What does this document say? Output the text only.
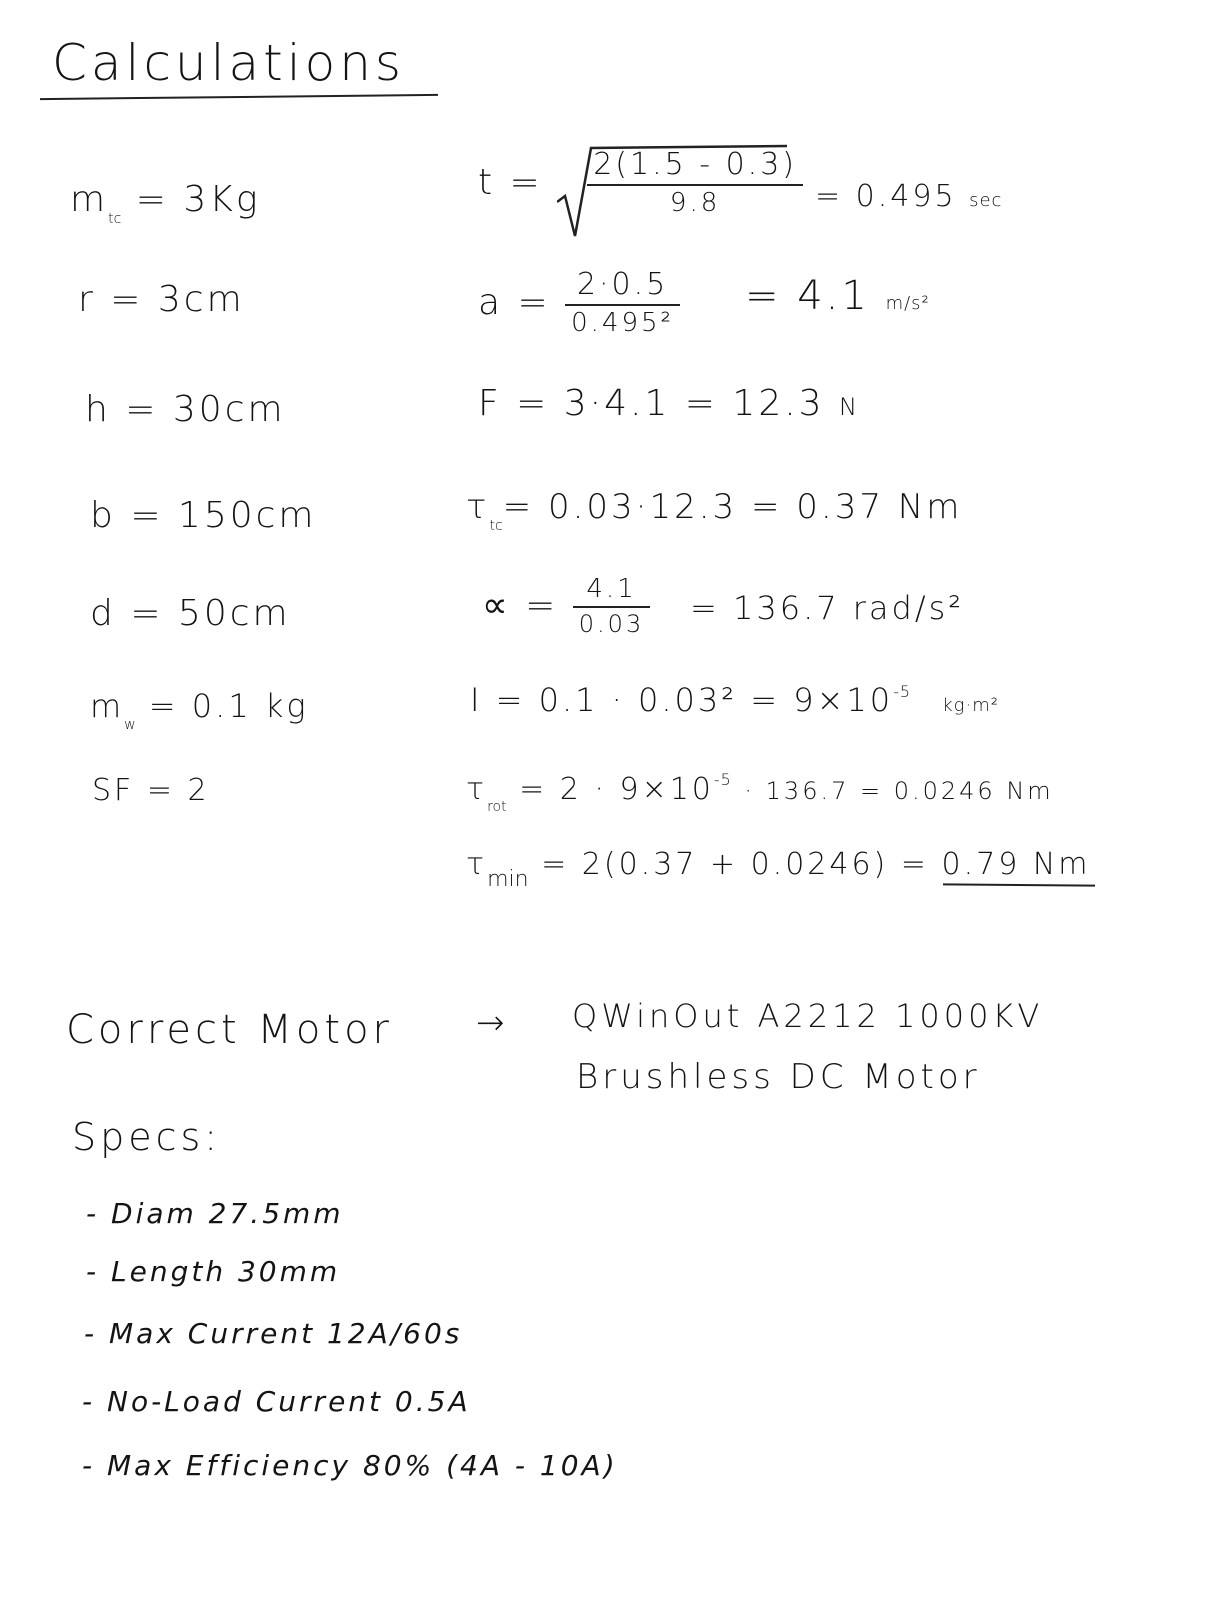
Calculations
$m_{tc} = 3Kg$
r = 3cm
h = 30cm
b = 150cm
d = 50cm
$m_w = 0.1$ kg
SF = 2
$t = \frac{2(1.5 - 0.3)}{9.8} = 0.495$ sec
$a = \frac{2\cdot 0.5}{\text{0.495²}} = 4.1$ m/s²
F = 3·4.1 = 12.3 N
$\tau_{tc}= 0.03\cdot 12.3 = 0.37$ Nm
∝ = $\frac{4.1}{0.03} = 136.7$ rad/s²
$I = 0.1 \cdot 0.03^2 = 9\times 10^{-5}$ kg·m²
$\tau_{rot} = 2 \cdot 9\times 10^{-5} \cdot 136.7 = 0.0246$ Nm
$\tau_{min} = 2(0.37 + 0.0246) = 0.79$ Nm
Correct Motor → QWinOut A2212 1000KV
Brushless DC Motor
Specs:
- Diam 27.5mm
- Length 30mm
- Max Current 12A/60s
- No-Load Current 0.5A
- Max Efficiency 80% (4A - 10A)
